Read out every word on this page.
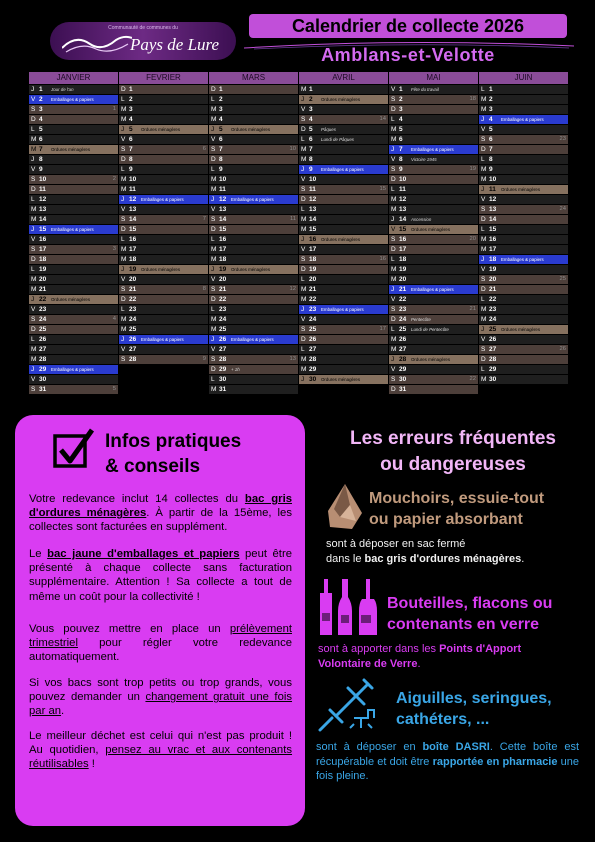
Communauté de communes du
Pays de Lure
Calendrier de collecte 2026
Amblans-et-Velotte
JANVIER
J 1 Jour de l'an
V 2 Emballages & papiers
S 3	1
D 4
L 5
M 6
M 7 Ordures ménagères
J 8
V 9
S 10	2
D 11
L 12
M 13
M 14
J 15 Emballages & papiers
V 16
S 17	3
D 18
L 19
M 20
M 21
J 22 Ordures ménagères
V 23
S 24	4
D 25
L 26
M 27
M 28
J 29 Emballages & papiers
V 30
S 31	5
FEVRIER
D 1
L 2
M 3
M 4
J 5 Ordures ménagères
V 6
S 7	6
D 8
L 9
M 10
M 11
J 12 Emballages & papiers
V 13
S 14	7
D 15
L 16
M 17
M 18
J 19 Ordures ménagères
V 20
S 21	8
D 22
L 23
M 24
M 25
J 26 Emballages & papiers
V 27
S 28	9
MARS
D 1
L 2
M 3
M 4
J 5 Ordures ménagères
V 6
S 7	10
D 8
L 9
M 10
M 11
J 12 Emballages & papiers
V 13
S 14	11
D 15
L 16
M 17
M 18
J 19 Ordures ménagères
V 20
S 21	12
D 22
L 23
M 24
M 25
J 26 Emballages & papiers
V 27
S 28	13
D 29 + 1h
L 30
M 31
AVRIL
M 1
J 2 Ordures ménagères
V 3
S 4	14
D 5 Pâques
L 6 Lundi de Pâques
M 7
M 8
J 9 Emballages & papiers
V 10
S 11	15
D 12
L 13
M 14
M 15
J 16 Ordures ménagères
V 17
S 18	16
D 19
L 20
M 21
M 22
J 23 Emballages & papiers
V 24
S 25	17
D 26
L 27
M 28
M 29
J 30 Ordures ménagères
MAI
V 1 Fête du travail
S 2	18
D 3
L 4
M 5
M 6
J 7 Emballages & papiers
V 8 Victoire 1945
S 9	19
D 10
L 11
M 12
M 13
J 14 Ascension
V 15 Ordures ménagères
S 16	20
D 17
L 18
M 19
M 20
J 21 Emballages & papiers
V 22
S 23	21
D 24 Pentecôte
L 25 Lundi de Pentecôte
M 26
M 27
J 28 Ordures ménagères
V 29
S 30	22
D 31
JUIN
L 1
M 2
M 3
J 4 Emballages & papiers
V 5
S 6	23
D 7
L 8
M 9
M 10
J 11 Ordures ménagères
V 12
S 13	24
D 14
L 15
M 16
M 17
J 18 Emballages & papiers
V 19
S 20	25
D 21
L 22
M 23
M 24
J 25 Ordures ménagères
V 26
S 27	26
D 28
L 29
M 30
Infos pratiques
& conseils
Votre redevance inclut 14 collectes du bac gris d'ordures ménagères. À partir de la 15ème, les collectes sont facturées en supplément.
Le bac jaune d'emballages et papiers peut être présenté à chaque collecte sans facturation supplémentaire. Attention ! Sa collecte a tout de même un coût pour la collectivité !
Vous pouvez mettre en place un prélèvement trimestriel pour régler votre redevance automatiquement.
Si vos bacs sont trop petits ou trop grands, vous pouvez demander un changement gratuit une fois par an.
Le meilleur déchet est celui qui n'est pas produit ! Au quotidien, pensez au vrac et aux contenants réutilisables !
Les erreurs fréquentes
ou dangereuses
Mouchoirs, essuie-tout
ou papier absorbant
sont à déposer en sac fermé
dans le bac gris d'ordures ménagères.
Bouteilles, flacons ou
contenants en verre
sont à apporter dans les Points d'Apport Volontaire de Verre.
Aiguilles, seringues,
cathéters, ...
sont à déposer en boîte DASRI. Cette boîte est récupérable et doit être rapportée en pharmacie une fois pleine.
